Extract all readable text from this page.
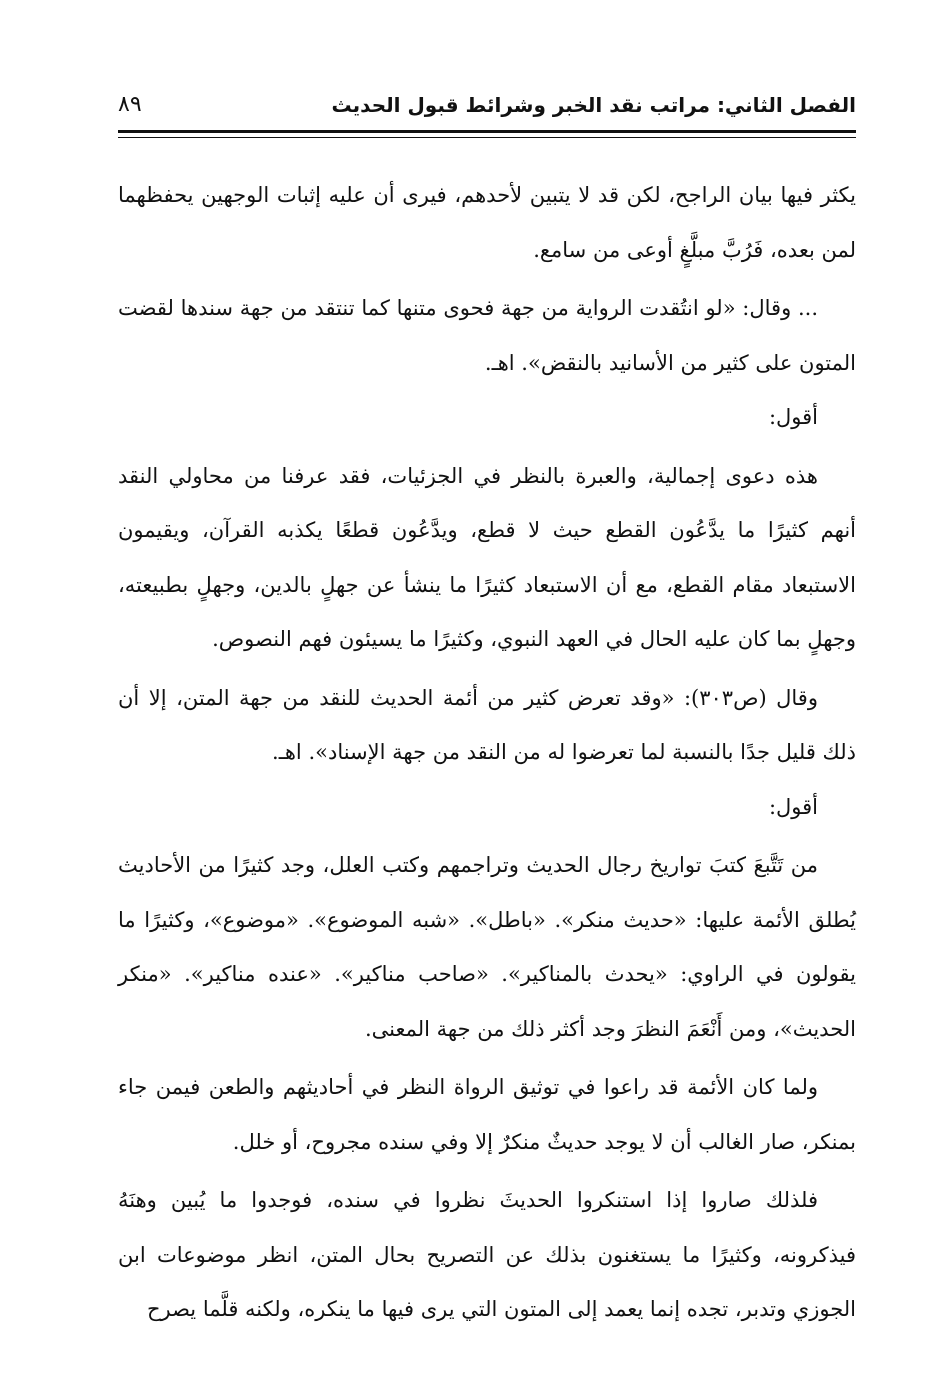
الفصل الثاني: مراتب نقد الخبر وشرائط قبول الحديث
٨٩

يكثر فيها بيان الراجح، لكن قد لا يتبين لأحدهم، فيرى أن عليه إثبات الوجهين يحفظهما لمن بعده، فَرُبَّ مبلَّغٍ أوعى من سامع.

... وقال: «لو انتُقدت الرواية من جهة فحوى متنها كما تنتقد من جهة سندها لقضت المتون على كثير من الأسانيد بالنقض». اهـ.

أقول:

هذه دعوى إجمالية، والعبرة بالنظر في الجزئيات، فقد عرفنا من محاولي النقد أنهم كثيرًا ما يدَّعُون القطع حيث لا قطع، ويدَّعُون قطعًا يكذبه القرآن، ويقيمون الاستبعاد مقام القطع، مع أن الاستبعاد كثيرًا ما ينشأ عن جهلٍ بالدين، وجهلٍ بطبيعته، وجهلٍ بما كان عليه الحال في العهد النبوي، وكثيرًا ما يسيئون فهم النصوص.

وقال (ص٣٠٣): «وقد تعرض كثير من أئمة الحديث للنقد من جهة المتن، إلا أن ذلك قليل جدًا بالنسبة لما تعرضوا له من النقد من جهة الإسناد». اهـ.

أقول:

من تَتَّبعَ كتبَ تواريخ رجال الحديث وتراجمهم وكتب العلل، وجد كثيرًا من الأحاديث يُطلق الأئمة عليها: «حديث منكر». «باطل». «شبه الموضوع». «موضوع»، وكثيرًا ما يقولون في الراوي: «يحدث بالمناكير». «صاحب مناكير». «عنده مناكير». «منكر الحديث»، ومن أَنْعَمَ النظرَ وجد أكثر ذلك من جهة المعنى.

ولما كان الأئمة قد راعوا في توثيق الرواة النظر في أحاديثهم والطعن فيمن جاء بمنكر، صار الغالب أن لا يوجد حديثٌ منكرٌ إلا وفي سنده مجروح، أو خلل.

فلذلك صاروا إذا استنكروا الحديثَ نظروا في سنده، فوجدوا ما يُبين وهنَهُ فيذكرونه، وكثيرًا ما يستغنون بذلك عن التصريح بحال المتن، انظر موضوعات ابن الجوزي وتدبر، تجده إنما يعمد إلى المتون التي يرى فيها ما ينكره، ولكنه قلَّما يصرح
